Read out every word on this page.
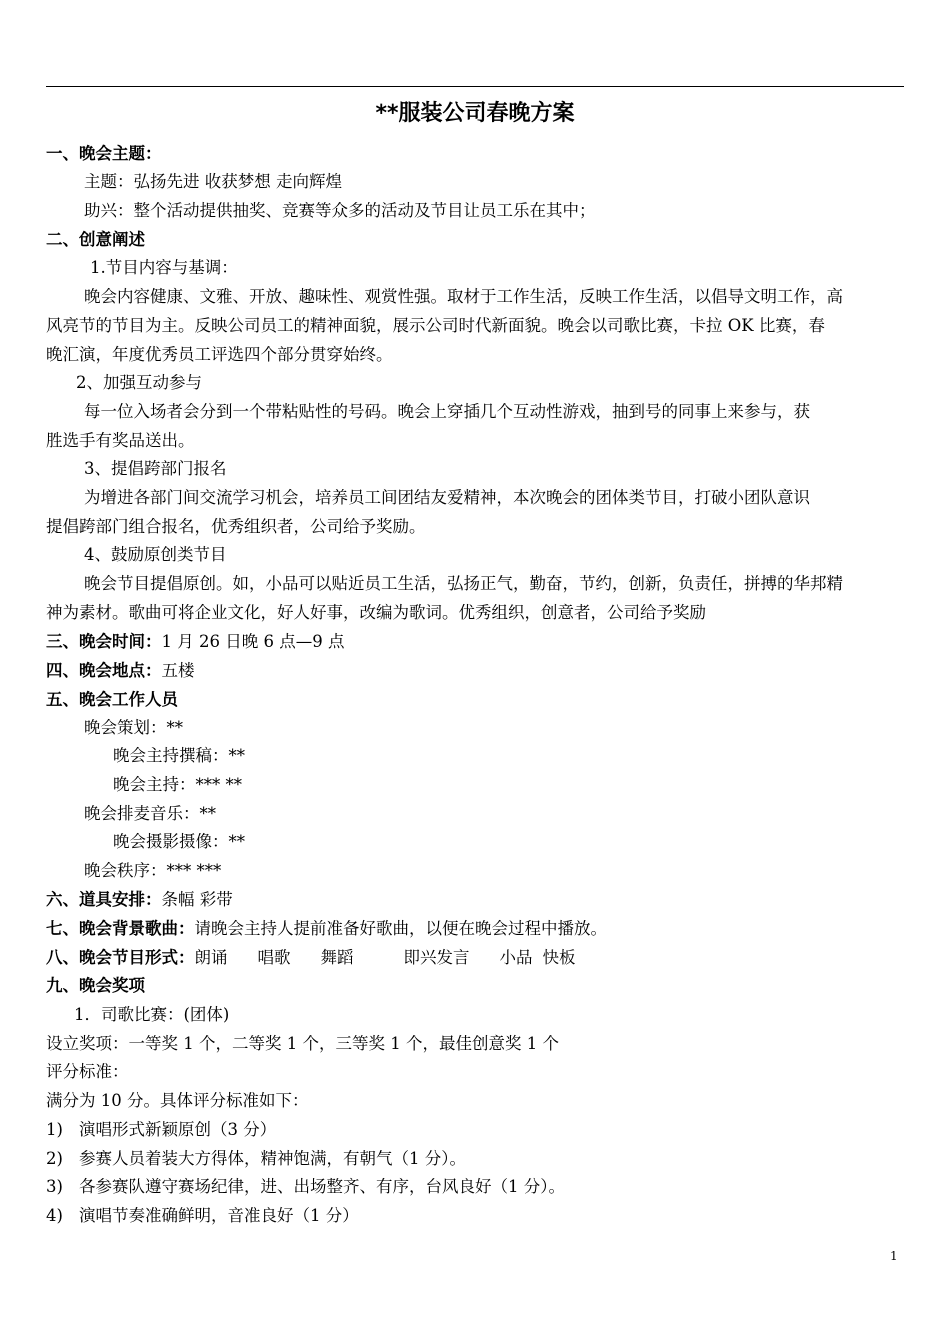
**服装公司春晚方案
一、晚会主题：
主题：弘扬先进 收获梦想 走向辉煌
助兴：整个活动提供抽奖、竞赛等众多的活动及节目让员工乐在其中；
二、创意阐述
1.节目内容与基调：
晚会内容健康、文雅、开放、趣味性、观赏性强。取材于工作生活，反映工作生活，以倡导文明工作，高
风亮节的节目为主。反映公司员工的精神面貌，展示公司时代新面貌。晚会以司歌比赛，卡拉 OK 比赛，春
晚汇演，年度优秀员工评选四个部分贯穿始终。
2、加强互动参与
每一位入场者会分到一个带粘贴性的号码。晚会上穿插几个互动性游戏，抽到号的同事上来参与，获
胜选手有奖品送出。
3、提倡跨部门报名
为增进各部门间交流学习机会，培养员工间团结友爱精神，本次晚会的团体类节目，打破小团队意识
提倡跨部门组合报名，优秀组织者，公司给予奖励。
4、鼓励原创类节目
晚会节目提倡原创。如，小品可以贴近员工生活，弘扬正气，勤奋，节约，创新，负责任，拼搏的华邦精
神为素材。歌曲可将企业文化，好人好事，改编为歌词。优秀组织，创意者，公司给予奖励
三、晚会时间：1 月 26 日晚 6 点—9 点
四、晚会地点：五楼
五、晚会工作人员
晚会策划：**
晚会主持撰稿：**
晚会主持：*** **
晚会排麦音乐：**
晚会摄影摄像：**
晚会秩序：*** ***
六、道具安排：条幅 彩带
七、晚会背景歌曲：请晚会主持人提前准备好歌曲，以便在晚会过程中播放。
八、晚会节目形式：朗诵 唱歌 舞蹈	即兴发言 小品 快板
九、晚会奖项
1．司歌比赛：(团体)
设立奖项：一等奖 1 个，二等奖 1 个，三等奖 1 个，最佳创意奖 1 个
评分标准：
满分为 10 分。具体评分标准如下：
1) 演唱形式新颖原创（3 分）
2) 参赛人员着装大方得体，精神饱满，有朝气（1 分）。
3) 各参赛队遵守赛场纪律，进、出场整齐、有序，台风良好（1 分）。
4) 演唱节奏准确鲜明，音准良好（1 分）
1
